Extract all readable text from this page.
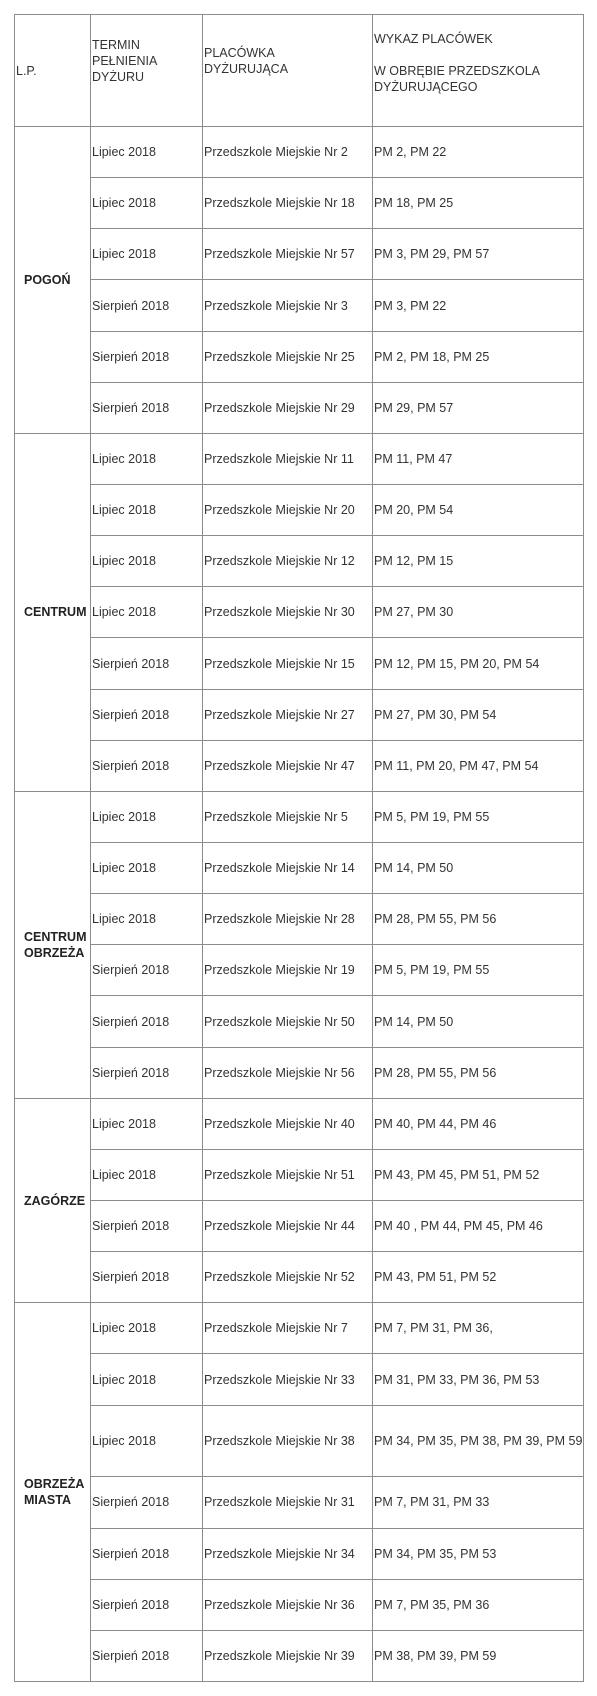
L.P.	TERMIN
PEŁNIENIA
DYŻURU	PLACÓWKA
DYŻURUJĄCA	WYKAZ PLACÓWEK
W OBRĘBIE PRZEDSZKOLA
DYŻURUJĄCEGO

POGOŃ	Lipiec 2018	Przedszkole Miejskie Nr 2	PM 2, PM 22

	Lipiec 2018	Przedszkole Miejskie Nr 18	PM 18, PM 25

	Lipiec 2018	Przedszkole Miejskie Nr 57	PM 3, PM 29, PM 57

	Sierpień 2018	Przedszkole Miejskie Nr 3	PM 3, PM 22

	Sierpień 2018	Przedszkole Miejskie Nr 25	PM 2, PM 18, PM 25

	Sierpień 2018	Przedszkole Miejskie Nr 29	PM 29, PM 57

CENTRUM	Lipiec 2018	Przedszkole Miejskie Nr 11	PM 11, PM 47

	Lipiec 2018	Przedszkole Miejskie Nr 20	PM 20, PM 54

	Lipiec 2018	Przedszkole Miejskie Nr 12	PM 12, PM 15

	Lipiec 2018	Przedszkole Miejskie Nr 30	PM 27, PM 30

	Sierpień 2018	Przedszkole Miejskie Nr 15	PM 12, PM 15, PM 20, PM 54

	Sierpień 2018	Przedszkole Miejskie Nr 27	PM 27, PM 30, PM 54

	Sierpień 2018	Przedszkole Miejskie Nr 47	PM 11, PM 20, PM 47, PM 54

CENTRUM
OBRZEŻA	Lipiec 2018	Przedszkole Miejskie Nr 5	PM 5, PM 19, PM 55

	Lipiec 2018	Przedszkole Miejskie Nr 14	PM 14, PM 50

	Lipiec 2018	Przedszkole Miejskie Nr 28	PM 28, PM 55, PM 56

	Sierpień 2018	Przedszkole Miejskie Nr 19	PM 5, PM 19, PM 55

	Sierpień 2018	Przedszkole Miejskie Nr 50	PM 14, PM 50

	Sierpień 2018	Przedszkole Miejskie Nr 56	PM 28, PM 55, PM 56

ZAGÓRZE	Lipiec 2018	Przedszkole Miejskie Nr 40	PM 40, PM 44, PM 46

	Lipiec 2018	Przedszkole Miejskie Nr 51	PM 43, PM 45, PM 51, PM 52

	Sierpień 2018	Przedszkole Miejskie Nr 44	PM 40 , PM 44, PM 45, PM 46

	Sierpień 2018	Przedszkole Miejskie Nr 52	PM 43, PM 51, PM 52

OBRZEŻA
MIASTA	Lipiec 2018	Przedszkole Miejskie Nr 7	PM 7, PM 31, PM 36,

	Lipiec 2018	Przedszkole Miejskie Nr 33	PM 31, PM 33, PM 36, PM 53

	Lipiec 2018	Przedszkole Miejskie Nr 38	PM 34, PM 35, PM 38, PM 39, PM 59

	Sierpień 2018	Przedszkole Miejskie Nr 31	PM 7, PM 31, PM 33

	Sierpień 2018	Przedszkole Miejskie Nr 34	PM 34, PM 35, PM 53

	Sierpień 2018	Przedszkole Miejskie Nr 36	PM 7, PM 35, PM 36

	Sierpień 2018	Przedszkole Miejskie Nr 39	PM 38, PM 39, PM 59
